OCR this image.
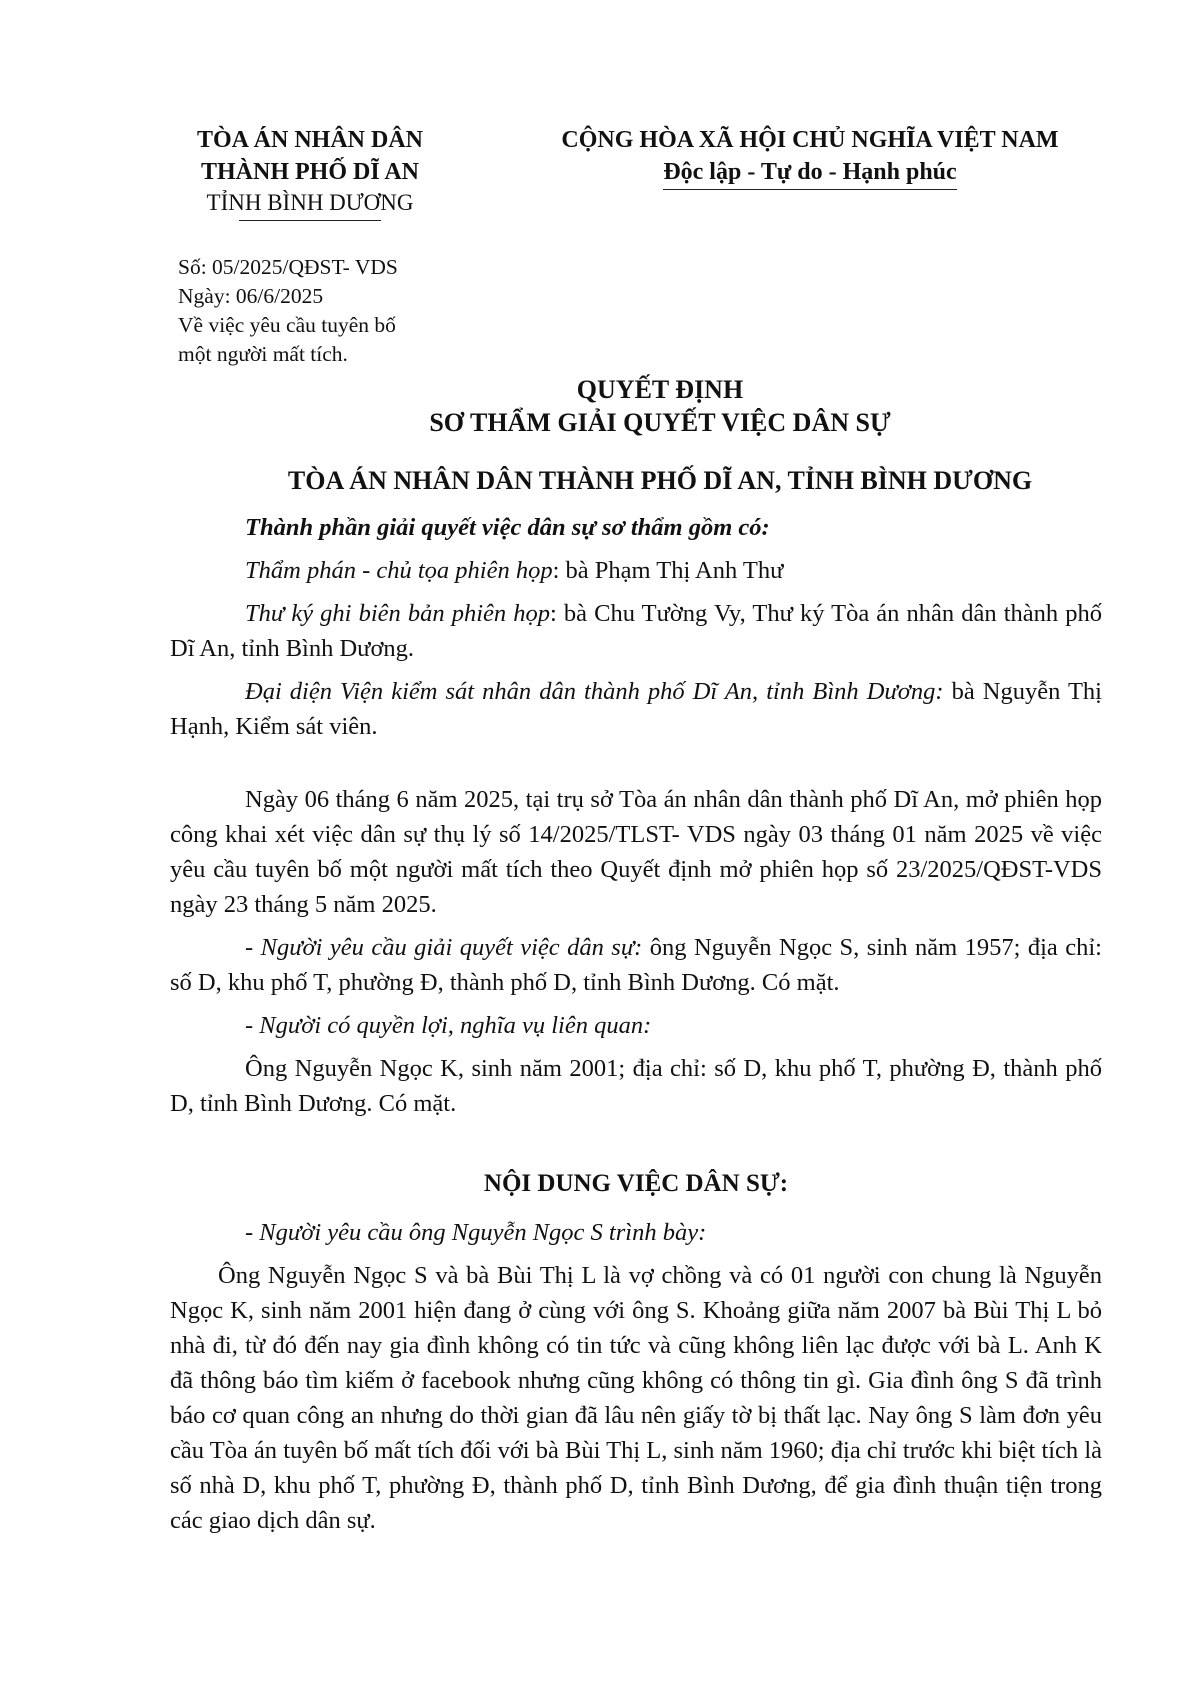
TÒA ÁN NHÂN DÂN
THÀNH PHỐ DĨ AN
TỈNH BÌNH DƯƠNG
CỘNG HÒA XÃ HỘI CHỦ NGHĨA VIỆT NAM
Độc lập - Tự do - Hạnh phúc
Số: 05/2025/QĐST- VDS
Ngày: 06/6/2025
Về việc yêu cầu tuyên bố
một người mất tích.
QUYẾT ĐỊNH
SƠ THẨM GIẢI QUYẾT VIỆC DÂN SỰ
TÒA ÁN NHÂN DÂN THÀNH PHỐ DĨ AN, TỈNH BÌNH DƯƠNG
Thành phần giải quyết việc dân sự sơ thẩm gồm có:
Thẩm phán - chủ tọa phiên họp: bà Phạm Thị Anh Thư
Thư ký ghi biên bản phiên họp: bà Chu Tường Vy, Thư ký Tòa án nhân dân thành phố Dĩ An, tỉnh Bình Dương.
Đại diện Viện kiểm sát nhân dân thành phố Dĩ An, tỉnh Bình Dương: bà Nguyễn Thị Hạnh, Kiểm sát viên.
Ngày 06 tháng 6 năm 2025, tại trụ sở Tòa án nhân dân thành phố Dĩ An, mở phiên họp công khai xét việc dân sự thụ lý số 14/2025/TLST- VDS ngày 03 tháng 01 năm 2025 về việc yêu cầu tuyên bố một người mất tích theo Quyết định mở phiên họp số 23/2025/QĐST-VDS ngày 23 tháng 5 năm 2025.
- Người yêu cầu giải quyết việc dân sự: ông Nguyễn Ngọc S, sinh năm 1957; địa chỉ: số D, khu phố T, phường Đ, thành phố D, tỉnh Bình Dương. Có mặt.
- Người có quyền lợi, nghĩa vụ liên quan:
Ông Nguyễn Ngọc K, sinh năm 2001; địa chỉ: số D, khu phố T, phường Đ, thành phố D, tỉnh Bình Dương. Có mặt.
NỘI DUNG VIỆC DÂN SỰ:
- Người yêu cầu ông Nguyễn Ngọc S trình bày:
Ông Nguyễn Ngọc S và bà Bùi Thị L là vợ chồng và có 01 người con chung là Nguyễn Ngọc K, sinh năm 2001 hiện đang ở cùng với ông S. Khoảng giữa năm 2007 bà Bùi Thị L bỏ nhà đi, từ đó đến nay gia đình không có tin tức và cũng không liên lạc được với bà L. Anh K đã thông báo tìm kiếm ở facebook nhưng cũng không có thông tin gì. Gia đình ông S đã trình báo cơ quan công an nhưng do thời gian đã lâu nên giấy tờ bị thất lạc. Nay ông S làm đơn yêu cầu Tòa án tuyên bố mất tích đối với bà Bùi Thị L, sinh năm 1960; địa chỉ trước khi biệt tích là số nhà D, khu phố T, phường Đ, thành phố D, tỉnh Bình Dương, để gia đình thuận tiện trong các giao dịch dân sự.
